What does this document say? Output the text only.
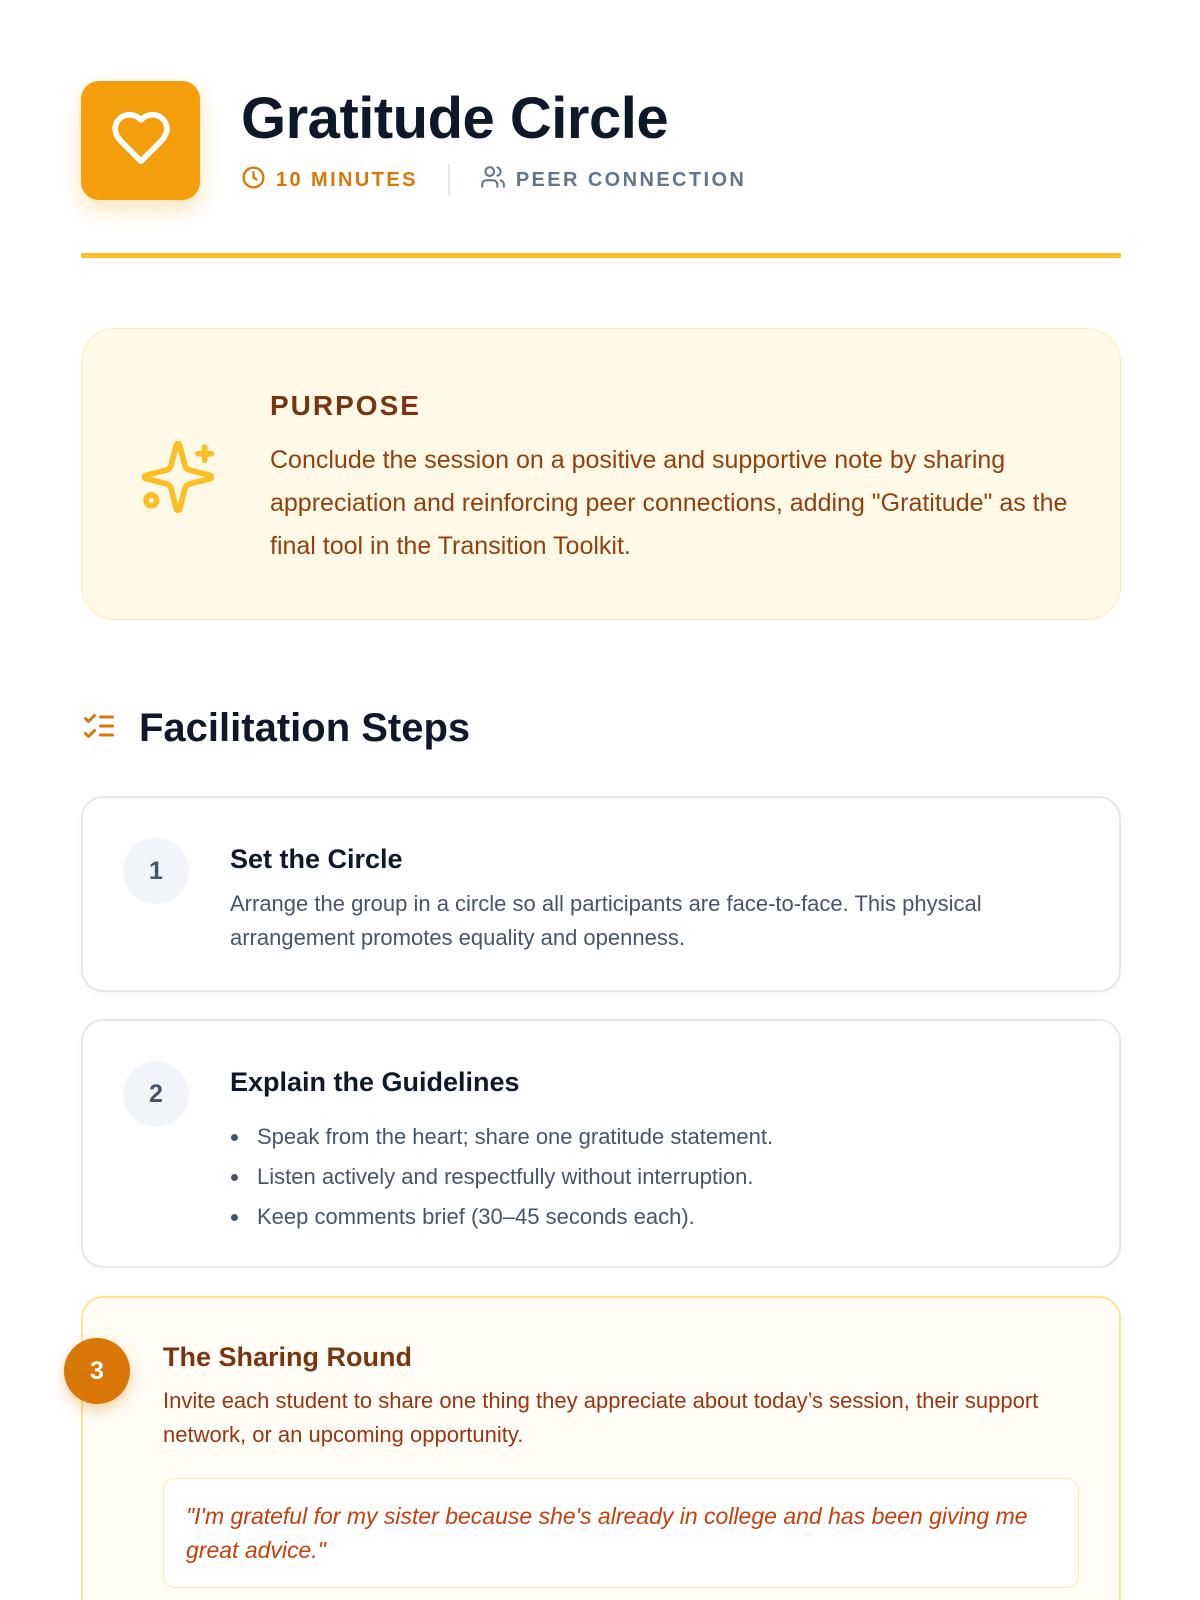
Gratitude Circle
10 MINUTES	PEER CONNECTION
PURPOSE

Conclude the session on a positive and supportive note by sharing appreciation and reinforcing peer connections, adding "Gratitude" as the final tool in the Transition Toolkit.

Facilitation Steps
1	Set the Circle

Arrange the group in a circle so all participants are face-to-face. This physical arrangement promotes equality and openness.

2	Explain the Guidelines
Speak from the heart; share one gratitude statement.
Listen actively and respectfully without interruption.
Keep comments brief (30–45 seconds each).
3	The Sharing Round

Invite each student to share one thing they appreciate about today’s session, their support network, or an upcoming opportunity.

"I'm grateful for my sister because she's already in college and has been giving me great advice."
